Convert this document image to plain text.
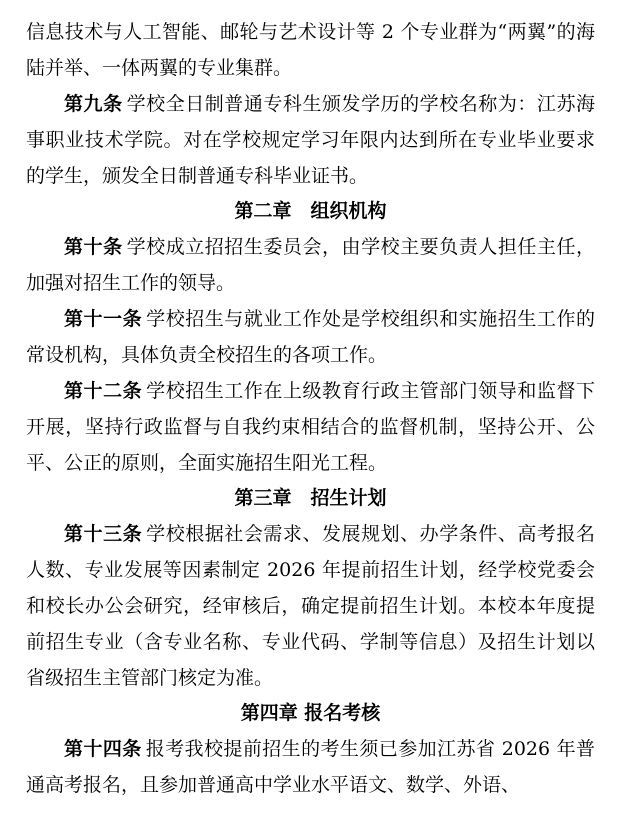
信息技术与人工智能、邮轮与艺术设计等 2 个专业群为“两翼”的海陆并举、一体两翼的专业集群。

第九条 学校全日制普通专科生颁发学历的学校名称为：江苏海事职业技术学院。对在学校规定学习年限内达到所在专业毕业要求的学生，颁发全日制普通专科毕业证书。

第二章　组织机构

第十条 学校成立招招生委员会，由学校主要负责人担任主任，加强对招生工作的领导。

第十一条 学校招生与就业工作处是学校组织和实施招生工作的常设机构，具体负责全校招生的各项工作。

第十二条 学校招生工作在上级教育行政主管部门领导和监督下开展，坚持行政监督与自我约束相结合的监督机制，坚持公开、公平、公正的原则，全面实施招生阳光工程。

第三章　招生计划

第十三条 学校根据社会需求、发展规划、办学条件、高考报名人数、专业发展等因素制定 2026 年提前招生计划，经学校党委会和校长办公会研究，经审核后，确定提前招生计划。本校本年度提前招生专业（含专业名称、专业代码、学制等信息）及招生计划以省级招生主管部门核定为准。

第四章 报名考核

第十四条 报考我校提前招生的考生须已参加江苏省 2026 年普通高考报名，且参加普通高中学业水平语文、数学、外语、
